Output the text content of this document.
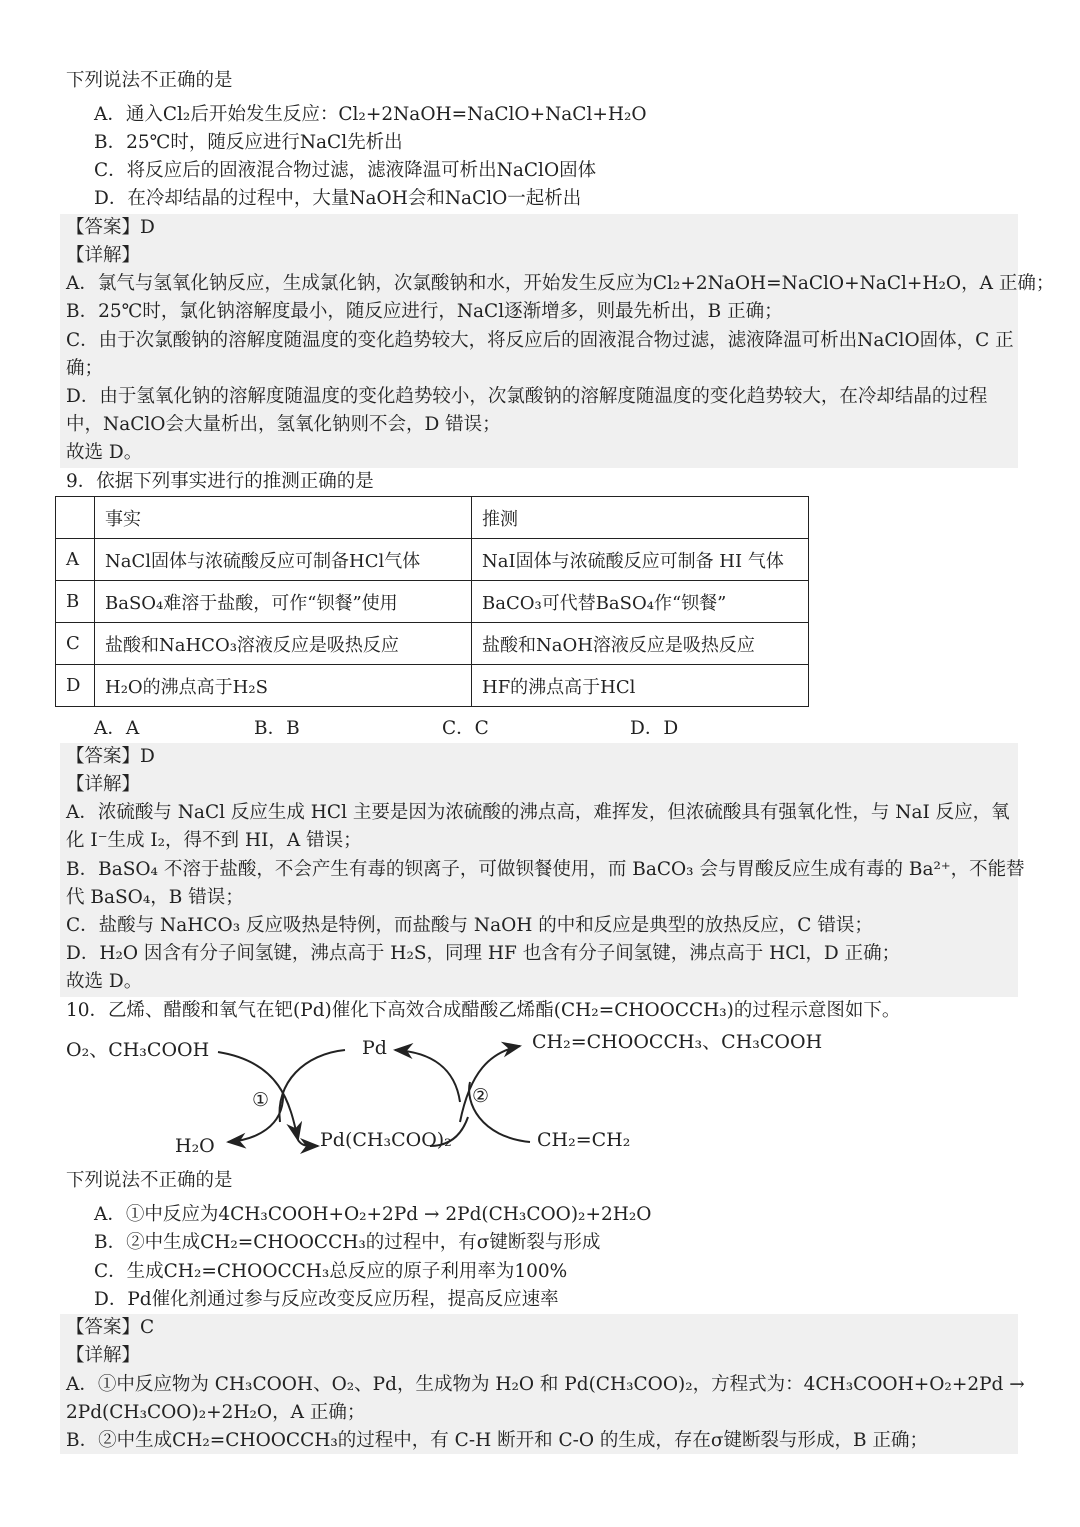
下列说法不正确的是
A．通入Cl₂后开始发生反应：Cl₂+2NaOH=NaClO+NaCl+H₂O
B．25℃时，随反应进行NaCl先析出
C．将反应后的固液混合物过滤，滤液降温可析出NaClO固体
D．在冷却结晶的过程中，大量NaOH会和NaClO一起析出
【答案】D
【详解】
A．氯气与氢氧化钠反应，生成氯化钠，次氯酸钠和水，开始发生反应为Cl₂+2NaOH=NaClO+NaCl+H₂O，A 正确；
B．25℃时，氯化钠溶解度最小，随反应进行，NaCl逐渐增多，则最先析出，B 正确；
C．由于次氯酸钠的溶解度随温度的变化趋势较大，将反应后的固液混合物过滤，滤液降温可析出NaClO固体，C 正
确；
D．由于氢氧化钠的溶解度随温度的变化趋势较小，次氯酸钠的溶解度随温度的变化趋势较大，在冷却结晶的过程
中，NaClO会大量析出，氢氧化钠则不会，D 错误；
故选 D。
9．依据下列事实进行的推测正确的是
	事实	推测
A	NaCl固体与浓硫酸反应可制备HCl气体	NaI固体与浓硫酸反应可制备 HI 气体
B	BaSO₄难溶于盐酸，可作“钡餐”使用	BaCO₃可代替BaSO₄作“钡餐”
C	盐酸和NaHCO₃溶液反应是吸热反应	盐酸和NaOH溶液反应是吸热反应
D	H₂O的沸点高于H₂S	HF的沸点高于HCl
A．A	B．B	C．C	D．D
【答案】D
【详解】
A．浓硫酸与 NaCl 反应生成 HCl 主要是因为浓硫酸的沸点高，难挥发，但浓硫酸具有强氧化性，与 NaI 反应，氧
化 I⁻生成 I₂，得不到 HI，A 错误；
B．BaSO₄ 不溶于盐酸，不会产生有毒的钡离子，可做钡餐使用，而 BaCO₃ 会与胃酸反应生成有毒的 Ba²⁺，不能替
代 BaSO₄，B 错误；
C．盐酸与 NaHCO₃ 反应吸热是特例，而盐酸与 NaOH 的中和反应是典型的放热反应，C 错误；
D．H₂O 因含有分子间氢键，沸点高于 H₂S，同理 HF 也含有分子间氢键，沸点高于 HCl，D 正确；
故选 D。
10．乙烯、醋酸和氧气在钯(Pd)催化下高效合成醋酸乙烯酯(CH₂=CHOOCCH₃)的过程示意图如下。
O₂、CH₃COOH	Pd	CH₂=CHOOCCH₃、CH₃COOH
①	②
H₂O	Pd(CH₃COO)₂	CH₂=CH₂
下列说法不正确的是
A．①中反应为4CH₃COOH+O₂+2Pd → 2Pd(CH₃COO)₂+2H₂O
B．②中生成CH₂=CHOOCCH₃的过程中，有σ键断裂与形成
C．生成CH₂=CHOOCCH₃总反应的原子利用率为100%
D．Pd催化剂通过参与反应改变反应历程，提高反应速率
【答案】C
【详解】
A．①中反应物为 CH₃COOH、O₂、Pd，生成物为 H₂O 和 Pd(CH₃COO)₂，方程式为：4CH₃COOH+O₂+2Pd →
2Pd(CH₃COO)₂+2H₂O，A 正确；
B．②中生成CH₂=CHOOCCH₃的过程中，有 C-H 断开和 C-O 的生成，存在σ键断裂与形成，B 正确；
